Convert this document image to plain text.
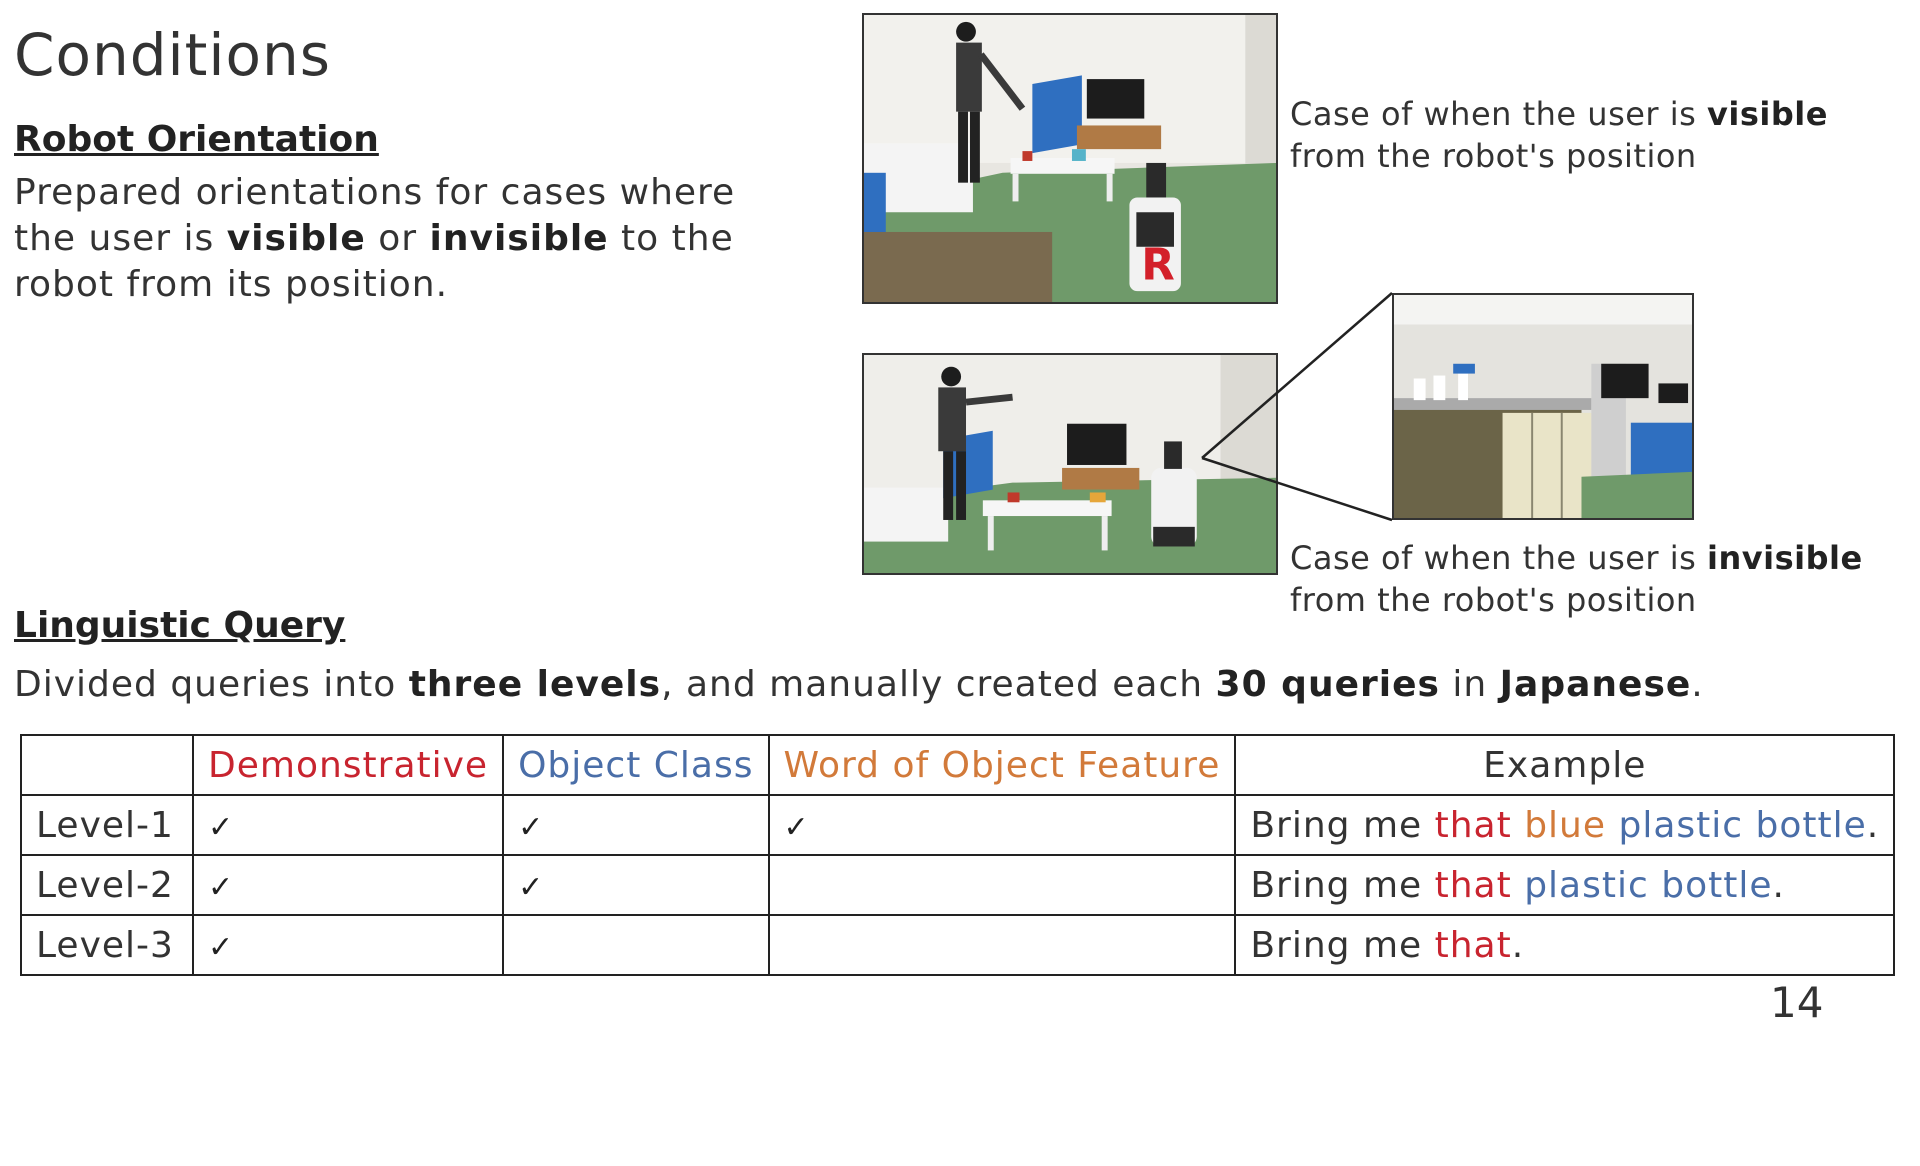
Conditions
Robot Orientation
Prepared orientations for cases where the user is visible or invisible to the robot from its position.	R
Case of when the user is visible
from the robot's position
Case of when the user is invisible
from the robot's position
Linguistic Query
Divided queries into three levels, and manually created each 30 queries in Japanese.
	Demonstrative	Object Class	Word of Object Feature	Example
Level-1	✓	✓	✓	Bring me that blue plastic bottle.
Level-2	✓	✓		Bring me that plastic bottle.
Level-3	✓			Bring me that.
14
